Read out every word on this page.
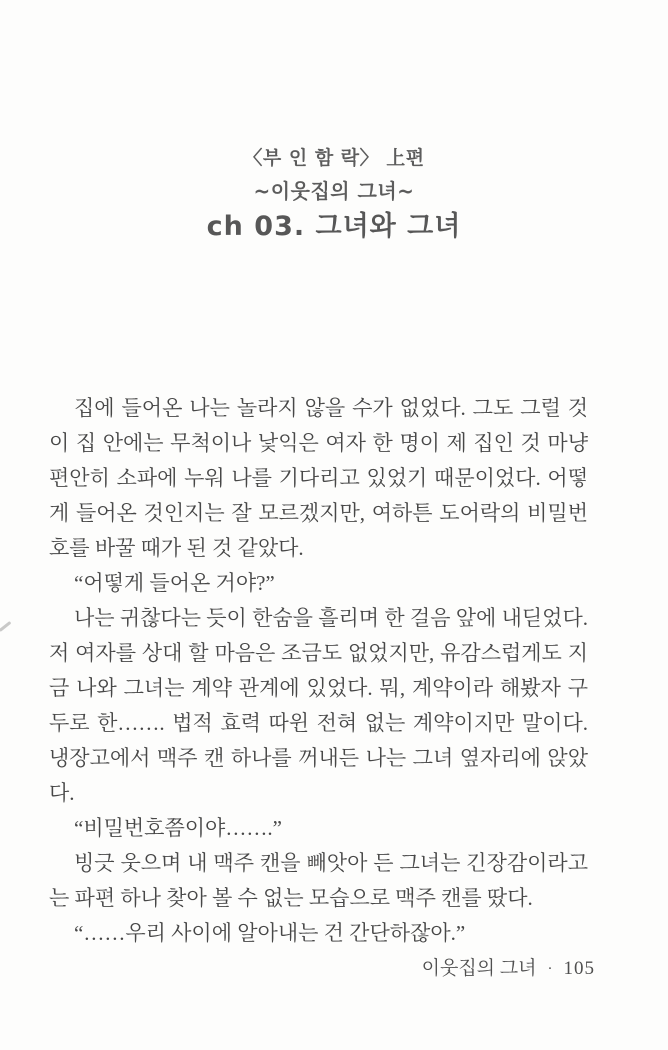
〈부 인 함 락〉 上편
~이웃집의 그녀~
ch 03. 그녀와 그녀

집에 들어온 나는 놀라지 않을 수가 없었다. 그도 그럴 것이 집 안에는 무척이나 낯익은 여자 한 명이 제 집인 것 마냥 편안히 소파에 누워 나를 기다리고 있었기 때문이었다. 어떻게 들어온 것인지는 잘 모르겠지만, 여하튼 도어락의 비밀번호를 바꿀 때가 된 것 같았다.

“어떻게 들어온 거야?”

나는 귀찮다는 듯이 한숨을 흘리며 한 걸음 앞에 내딛었다. 저 여자를 상대 할 마음은 조금도 없었지만, 유감스럽게도 지금 나와 그녀는 계약 관계에 있었다. 뭐, 계약이라 해봤자 구두로 한……. 법적 효력 따윈 전혀 없는 계약이지만 말이다. 냉장고에서 맥주 캔 하나를 꺼내든 나는 그녀 옆자리에 앉았다.

“비밀번호쯤이야…….”

빙긋 웃으며 내 맥주 캔을 빼앗아 든 그녀는 긴장감이라고는 파편 하나 찾아 볼 수 없는 모습으로 맥주 캔를 땄다.

“……우리 사이에 알아내는 건 간단하잖아.”

이웃집의 그녀 · 105
